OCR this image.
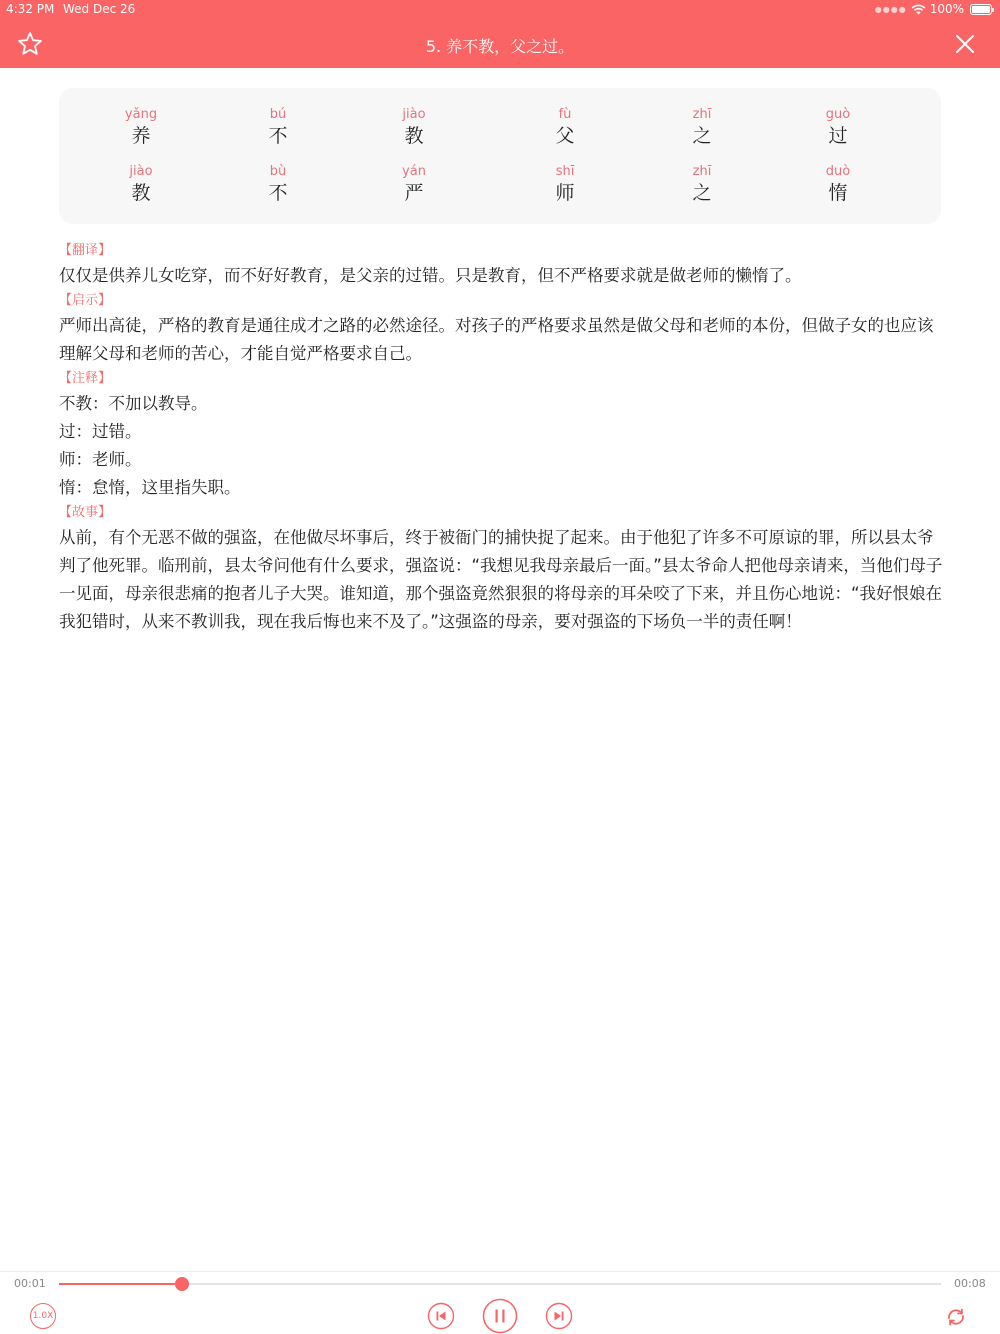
4:32 PM Wed Dec 26	●●●● 100%
5. 养不教，父之过。
yǎng
养
bú
不
jiào
教
fù
父
zhī
之
guò
过
jiào
教
bù
不
yán
严
shī
师
zhī
之
duò
惰
【翻译】
仅仅是供养儿女吃穿，而不好好教育，是父亲的过错。只是教育，但不严格要求就是做老师的懒惰了。
【启示】
严师出高徒，严格的教育是通往成才之路的必然途径。对孩子的严格要求虽然是做父母和老师的本份，但做子女的也应该理解父母和老师的苦心，才能自觉严格要求自己。
【注释】
不教：不加以教导。
过：过错。
师：老师。
惰：怠惰，这里指失职。
【故事】
从前，有个无恶不做的强盗，在他做尽坏事后，终于被衙门的捕快捉了起来。由于他犯了许多不可原谅的罪，所以县太爷判了他死罪。临刑前，县太爷问他有什么要求，强盗说：“我想见我母亲最后一面。”县太爷命人把他母亲请来，当他们母子一见面，母亲很悲痛的抱者儿子大哭。谁知道，那个强盗竟然狠狠的将母亲的耳朵咬了下来，并且伤心地说：“我好恨娘在我犯错时，从来不教训我，现在我后悔也来不及了。”这强盗的母亲，要对强盗的下场负一半的责任啊！
00:01	00:08
1.0X
